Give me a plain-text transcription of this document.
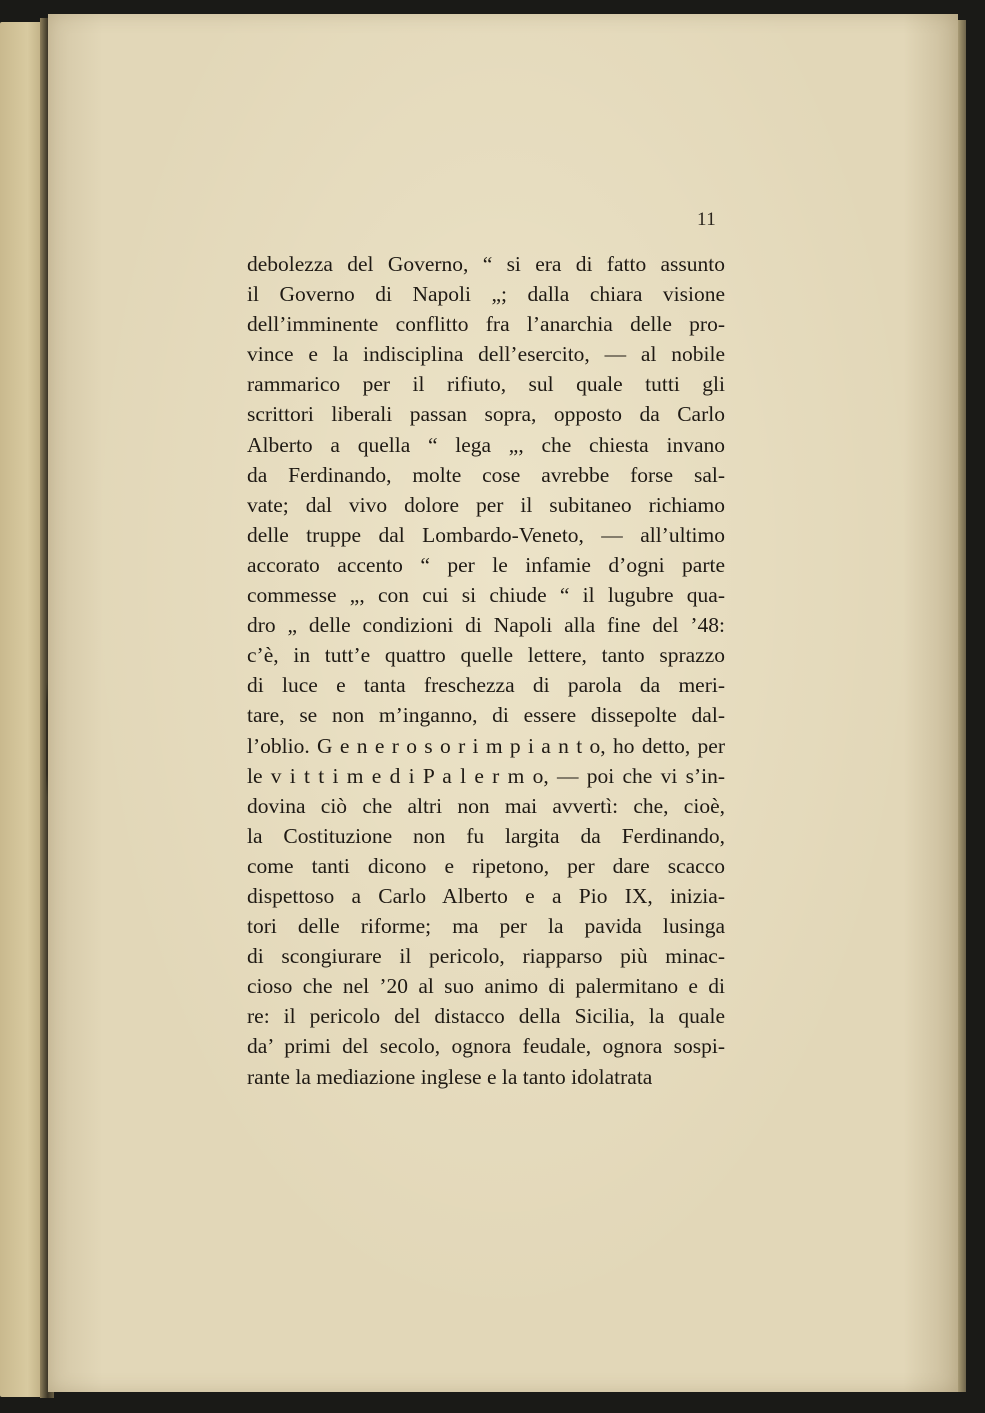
11
debolezza del Governo, “ si era di fatto assunto
il Governo di Napoli „; dalla chiara visione
dell’imminente conflitto fra l’anarchia delle pro-
vince e la indisciplina dell’esercito, — al nobile
rammarico per il rifiuto, sul quale tutti gli
scrittori liberali passan sopra, opposto da Carlo
Alberto a quella “ lega „, che chiesta invano
da Ferdinando, molte cose avrebbe forse sal-
vate; dal vivo dolore per il subitaneo richiamo
delle truppe dal Lombardo-Veneto, — all’ultimo
accorato accento “ per le infamie d’ogni parte
commesse „, con cui si chiude “ il lugubre qua-
dro „ delle condizioni di Napoli alla fine del ’48:
c’è, in tutt’e quattro quelle lettere, tanto sprazzo
di luce e tanta freschezza di parola da meri-
tare, se non m’inganno, di essere dissepolte dal-
l’oblio. G e n e r o s o r i m p i a n t o, ho detto, per
le v i t t i m e d i P a l e r m o, — poi che vi s’in-
dovina ciò che altri non mai avvertì: che, cioè,
la Costituzione non fu largita da Ferdinando,
come tanti dicono e ripetono, per dare scacco
dispettoso a Carlo Alberto e a Pio IX, inizia-
tori delle riforme; ma per la pavida lusinga
di scongiurare il pericolo, riapparso più minac-
cioso che nel ’20 al suo animo di palermitano e di
re: il pericolo del distacco della Sicilia, la quale
da’ primi del secolo, ognora feudale, ognora sospi-
rante la mediazione inglese e la tanto idolatrata
